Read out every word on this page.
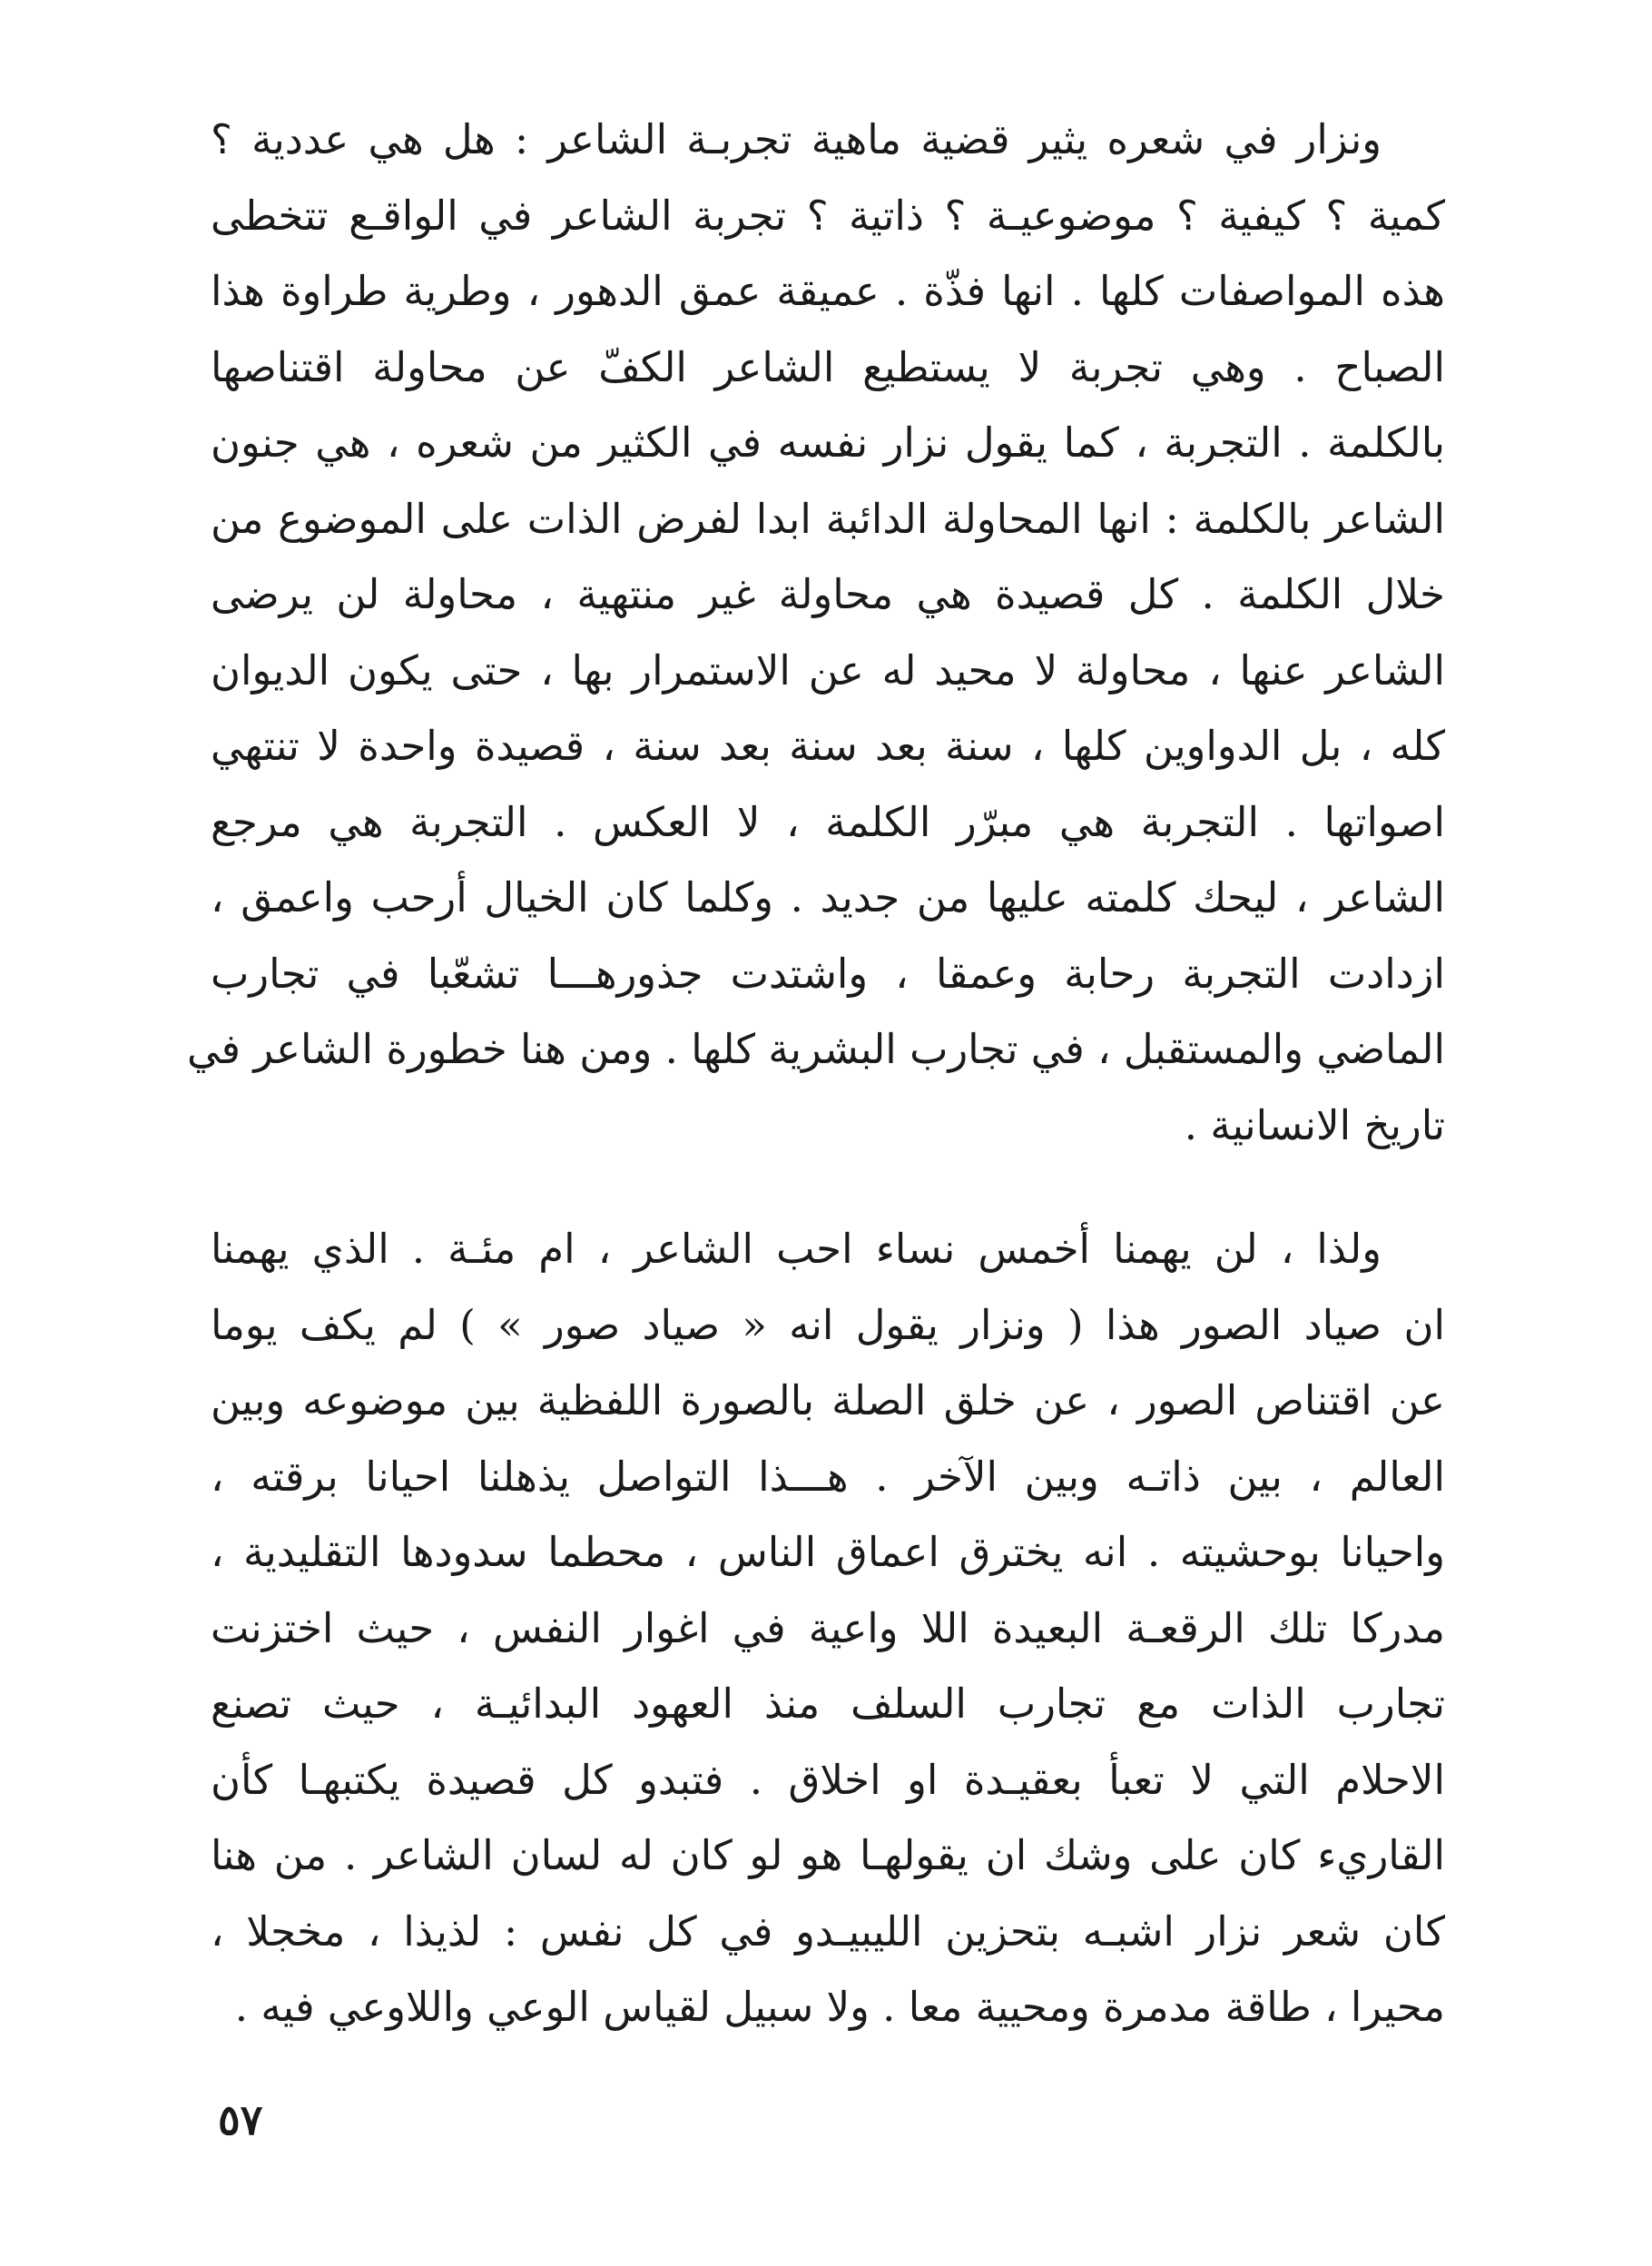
ونزار في شعره يثير قضية ماهية تجربـة الشاعر : هل هي عددية ؟
كمية ؟ كيفية ؟ موضوعيـة ؟ ذاتية ؟ تجربة الشاعر في الواقـع تتخطى
هذه المواصفات كلها . انها فذّة . عميقة عمق الدهور ، وطرية طراوة هذا
الصباح . وهي تجربة لا يستطيع الشاعر الكفّ عن محاولة اقتناصها
بالكلمة . التجربة ، كما يقول نزار نفسه في الكثير من شعره ، هي جنون
الشاعر بالكلمة : انها المحاولة الدائبة ابدا لفرض الذات على الموضوع من
خلال الكلمة . كل قصيدة هي محاولة غير منتهية ، محاولة لن يرضى
الشاعر عنها ، محاولة لا محيد له عن الاستمرار بها ، حتى يكون الديوان
كله ، بل الدواوين كلها ، سنة بعد سنة بعد سنة ، قصيدة واحدة لا تنتهي
اصواتها . التجربة هي مبرّر الكلمة ، لا العكس . التجربة هي مرجع
الشاعر ، ليحك كلمته عليها من جديد . وكلما كان الخيال أرحب واعمق ،
ازدادت التجربة رحابة وعمقا ، واشتدت جذورهـــا تشعّبا في تجارب
الماضي والمستقبل ، في تجارب البشرية كلها . ومن هنا خطورة الشاعر في
تاريخ الانسانية .
ولذا ، لن يهمنا أخمس نساء احب الشاعر ، ام مئـة . الذي يهمنا
ان صياد الصور هذا ( ونزار يقول انه « صياد صور » ) لم يكف يوما
عن اقتناص الصور ، عن خلق الصلة بالصورة اللفظية بين موضوعه وبين
العالم ، بين ذاتـه وبين الآخر . هـــذا التواصل يذهلنا احيانا برقته ،
واحيانا بوحشيته . انه يخترق اعماق الناس ، محطما سدودها التقليدية ،
مدركا تلك الرقعـة البعيدة اللا واعية في اغوار النفس ، حيث اختزنت
تجارب الذات مع تجارب السلف منذ العهود البدائيـة ، حيث تصنع
الاحلام التي لا تعبأ بعقيـدة او اخلاق . فتبدو كل قصيدة يكتبهـا كأن
القاريء كان على وشك ان يقولهـا هو لو كان له لسان الشاعر . من هنا
كان شعر نزار اشبـه بتحزين الليبيـدو في كل نفس : لذيذا ، مخجلا ،
محيرا ، طاقة مدمرة ومحيية معا . ولا سبيل لقياس الوعي واللاوعي فيه .
٥٧
